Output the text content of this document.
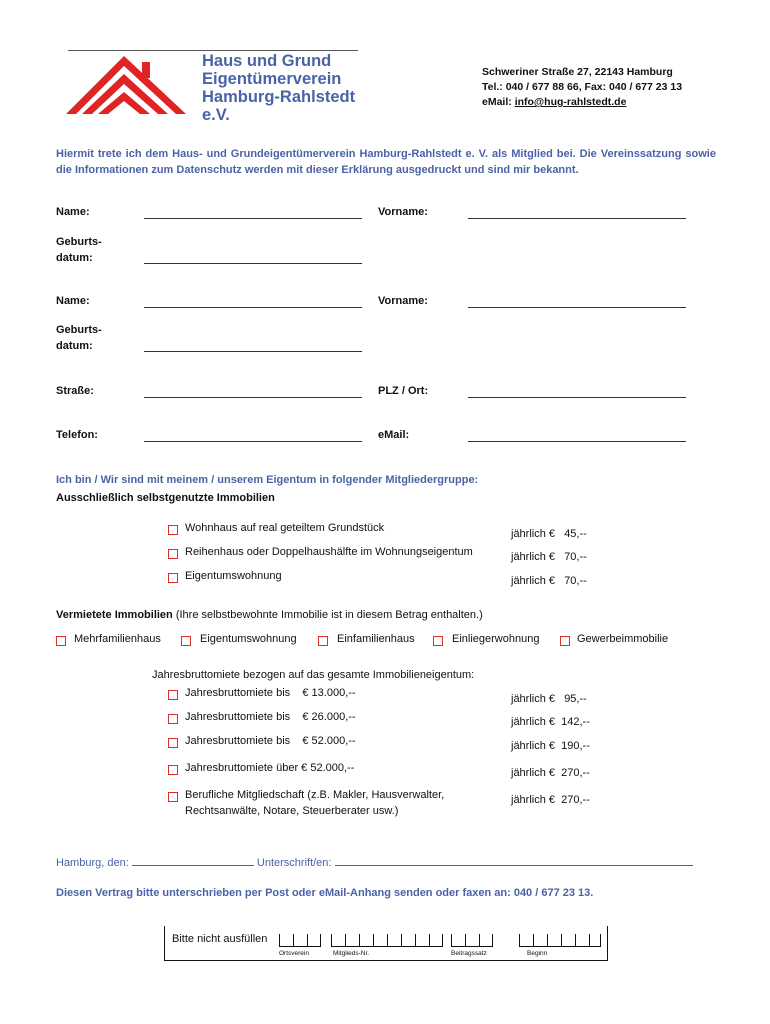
Haus und Grund
Eigentümerverein
Hamburg-Rahlstedt e.V.
Schweriner Straße 27, 22143 Hamburg
Tel.: 040 / 677 88 66, Fax: 040 / 677 23 13
eMail: info@hug-rahlstedt.de
Hiermit trete ich dem Haus- und Grundeigentümerverein Hamburg-Rahlstedt e. V. als Mitglied bei. Die Vereinssatzung sowie die Informationen zum Datenschutz werden mit dieser Erklärung ausgedruckt und sind mir bekannt.
Name:	Vorname:
Geburts-
datum:
Name:	Vorname:
Geburts-
datum:
Straße:	PLZ / Ort:
Telefon:	eMail:
Ich bin / Wir sind mit meinem / unserem Eigentum in folgender Mitgliedergruppe:
Ausschließlich selbstgenutzte Immobilien
Wohnhaus auf real geteiltem Grundstück	jährlich €   45,--
Reihenhaus oder Doppelhaushälfte im Wohnungseigentum	jährlich €   70,--
Eigentumswohnung	jährlich €   70,--
Vermietete Immobilien (Ihre selbstbewohnte Immobilie ist in diesem Betrag enthalten.)
Mehrfamilienhaus	Eigentumswohnung	Einfamilienhaus	Einliegerwohnung	Gewerbeimmobilie
Jahresbruttomiete bezogen auf das gesamte Immobilieneigentum:
Jahresbruttomiete bis    € 13.000,--	jährlich €   95,--
Jahresbruttomiete bis    € 26.000,--	jährlich €  142,--
Jahresbruttomiete bis    € 52.000,--	jährlich €  190,--
Jahresbruttomiete über € 52.000,--	jährlich €  270,--
Berufliche Mitgliedschaft (z.B. Makler, Hausverwalter,
Rechtsanwälte, Notare, Steuerberater usw.)
jährlich €  270,--
Hamburg, den:	Unterschrift/en:
Diesen Vertrag bitte unterschrieben per Post oder eMail-Anhang senden oder faxen an: 040 / 677 23 13.
Bitte nicht ausfüllen
Ortsverein	Mitglieds-Nr.	Beitragssatz	Beginn
